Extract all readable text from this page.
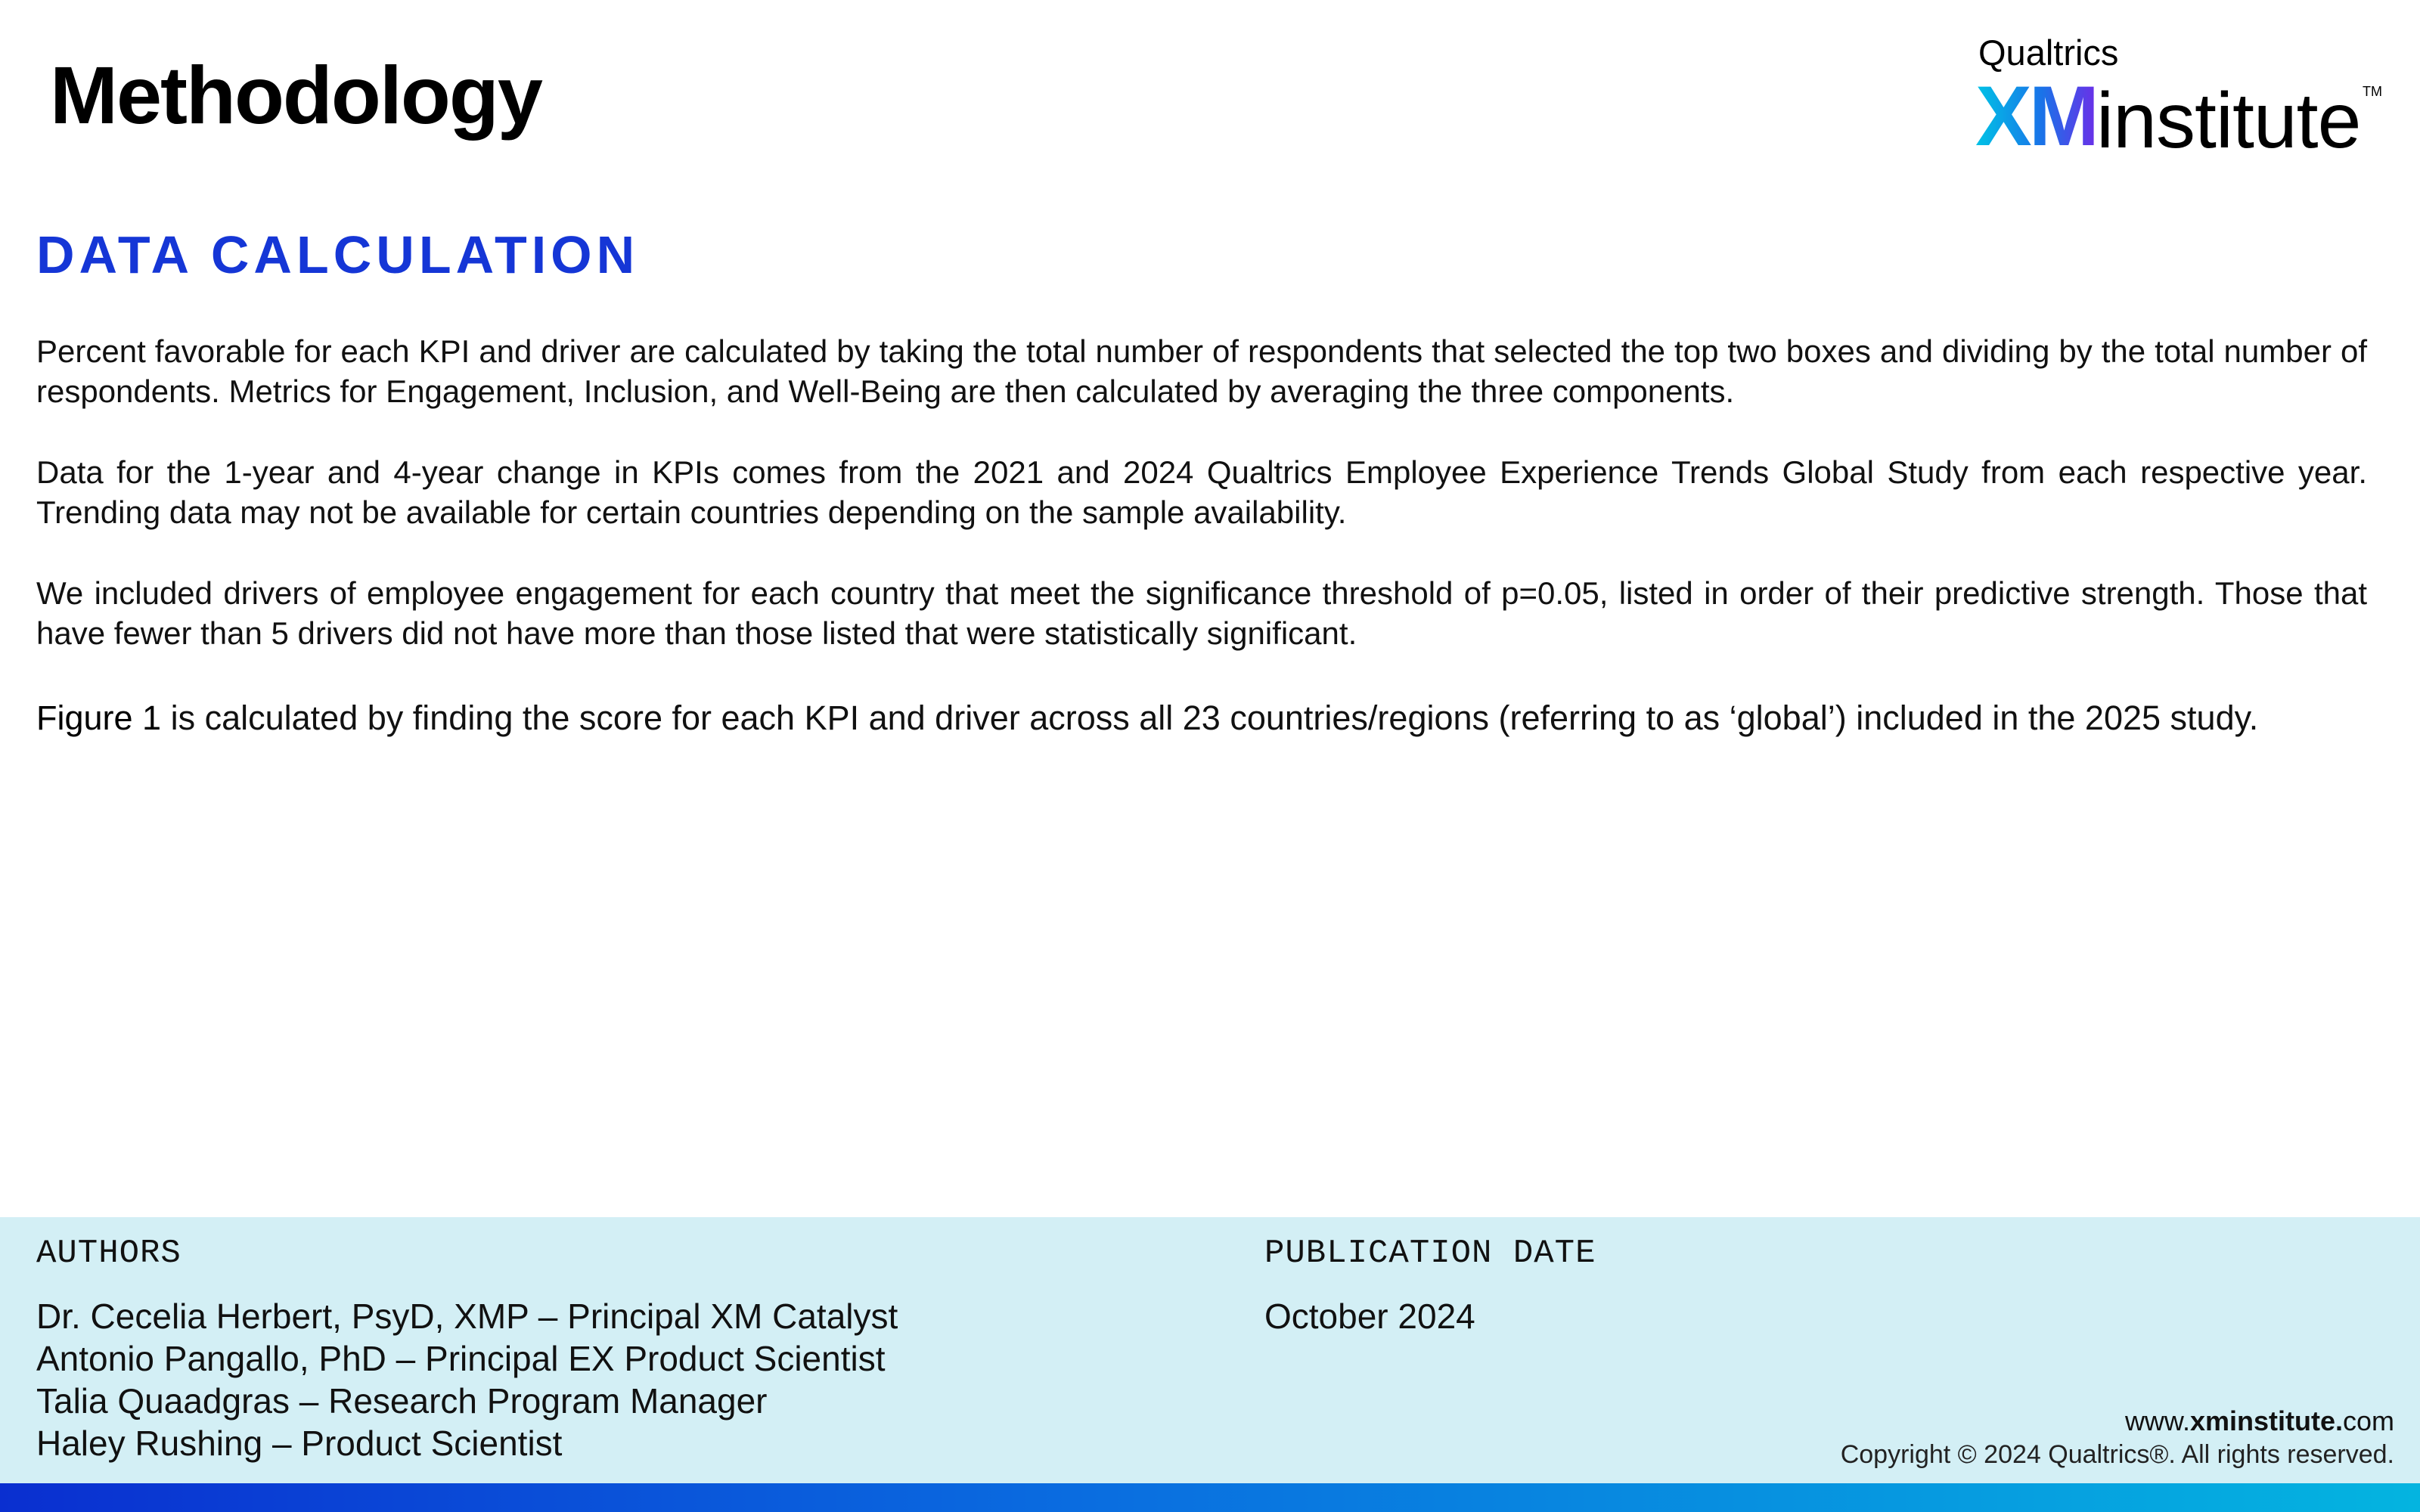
Methodology	Qualtrics
XM institute TM
DATA CALCULATION
Percent favorable for each KPI and driver are calculated by taking the total number of respondents that selected the top two boxes and dividing by the total number of respondents. Metrics for Engagement, Inclusion, and Well-Being are then calculated by averaging the three components.
Data for the 1-year and 4-year change in KPIs comes from the 2021 and 2024 Qualtrics Employee Experience Trends Global Study from each respective year. Trending data may not be available for certain countries depending on the sample availability.
We included drivers of employee engagement for each country that meet the significance threshold of p=0.05, listed in order of their predictive strength. Those that have fewer than 5 drivers did not have more than those listed that were statistically significant.
Figure 1 is calculated by finding the score for each KPI and driver across all 23 countries/regions (referring to as ‘global’) included in the 2025 study.
AUTHORS	PUBLICATION DATE
Dr. Cecelia Herbert, PsyD, XMP – Principal XM Catalyst
Antonio Pangallo, PhD – Principal EX Product Scientist
Talia Quaadgras – Research Program Manager
Haley Rushing – Product Scientist
October 2024
www.xminstitute.com
Copyright © 2024 Qualtrics®. All rights reserved.
